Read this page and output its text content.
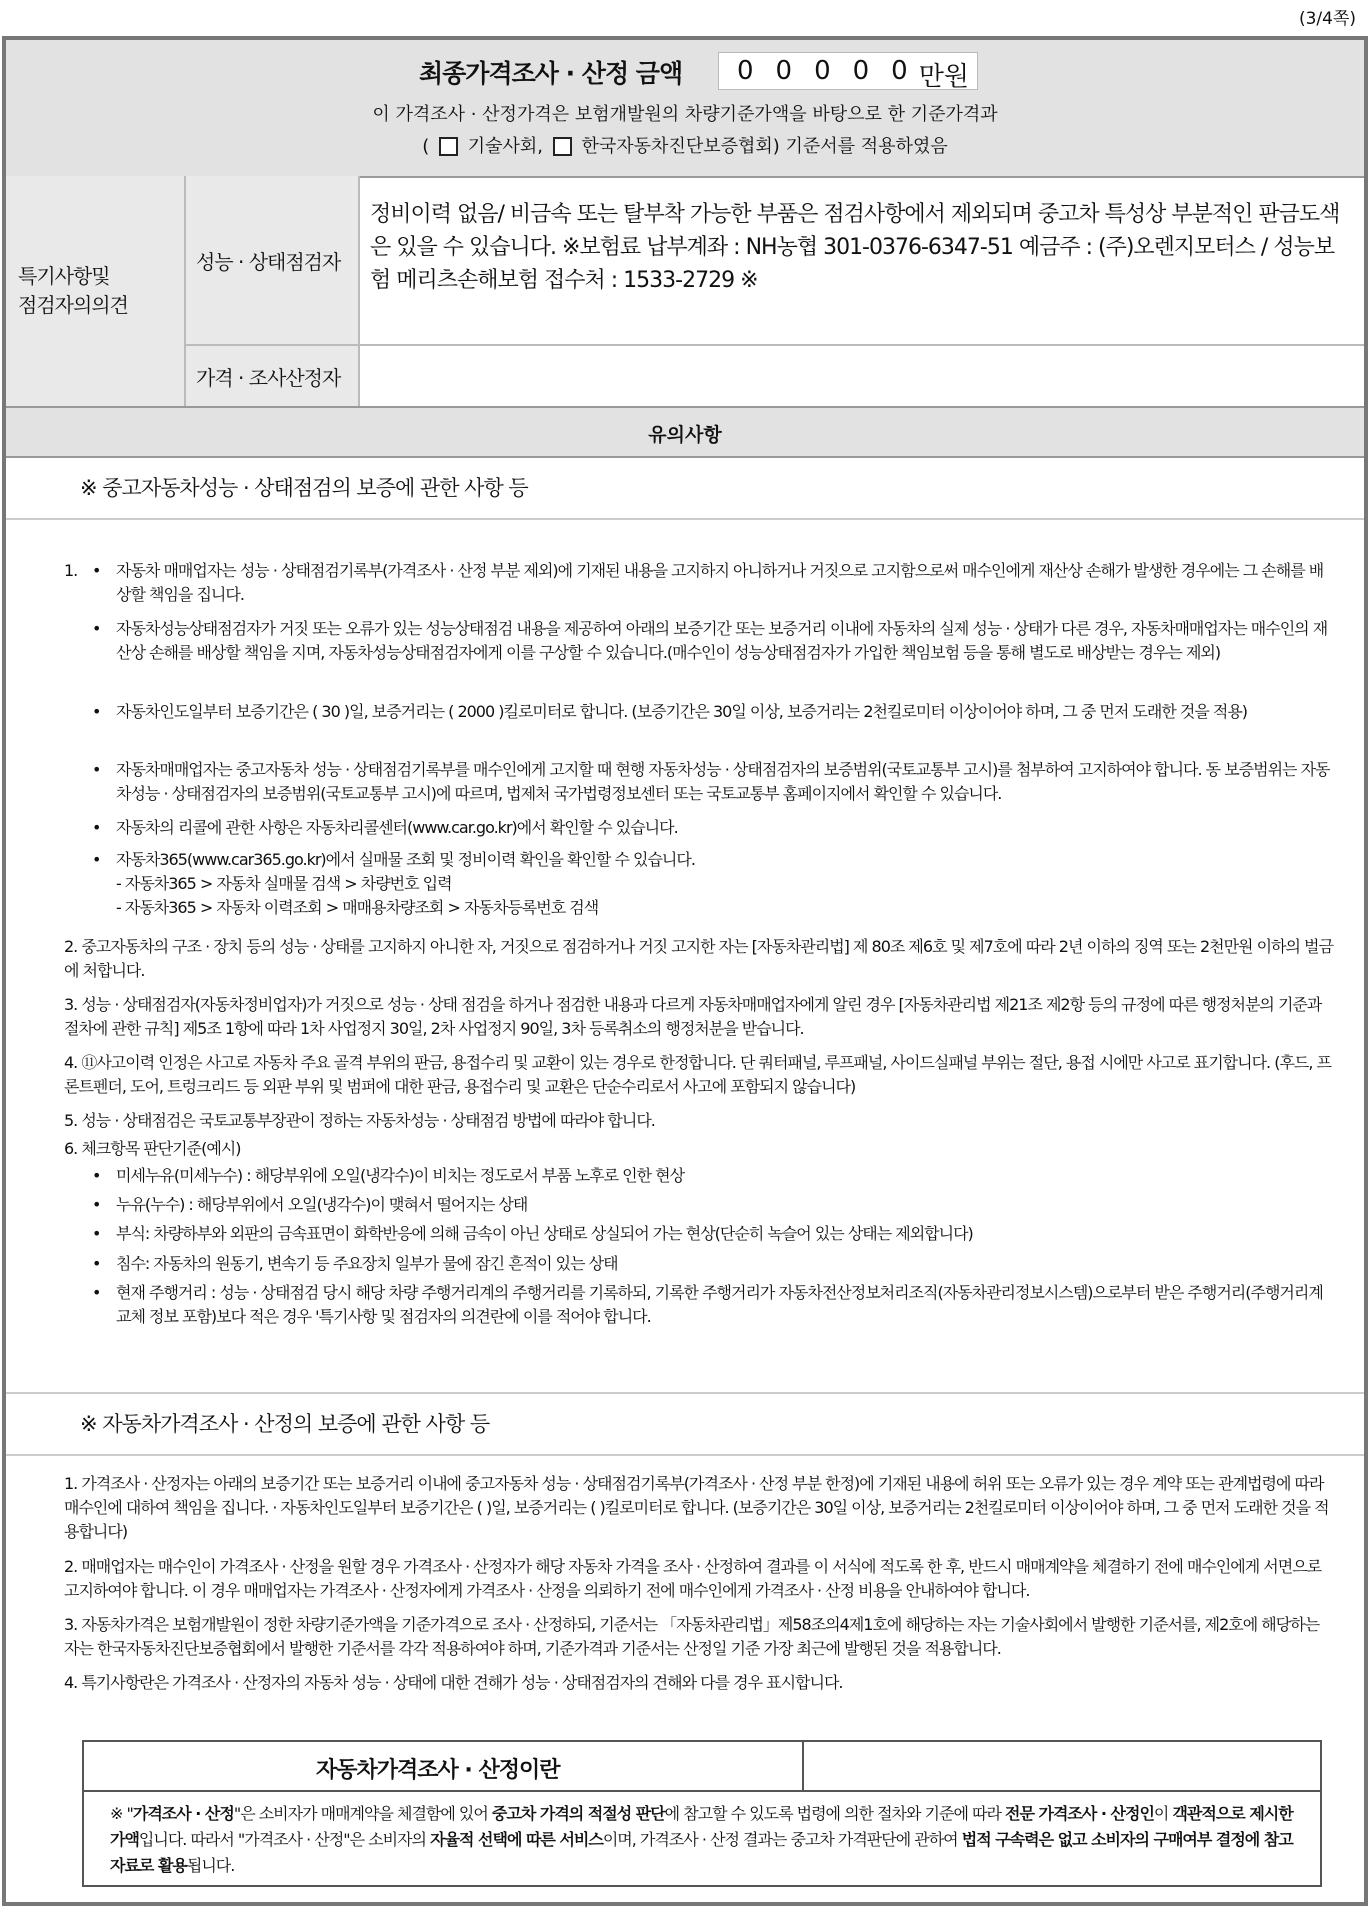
(3/4쪽)
최종가격조사 · 산정 금액 00000
만원
이 가격조사 · 산정가격은 보험개발원의 차량기준가액을 바탕으로 한 기준가격과
( 기술사회, 한국자동차진단보증협회) 기준서를 적용하였음
특기사항및
점검자의의견
성능 · 상태점검자
정비이력 없음/ 비금속 또는 탈부착 가능한 부품은 점검사항에서 제외되며 중고차 특성상 부분적인 판금도색은 있을 수 있습니다. ※보험료 납부계좌 : NH농협 301-0376-6347-51 예금주 : (주)오렌지모터스 / 성능보험 메리츠손해보험 접수처 : 1533-2729 ※
가격 · 조사산정자
유의사항
※ 중고자동차성능 · 상태점검의 보증에 관한 사항 등
1. • 자동차 매매업자는 성능 · 상태점검기록부(가격조사 · 산정 부분 제외)에 기재된 내용을 고지하지 아니하거나 거짓으로 고지함으로써 매수인에게 재산상 손해가 발생한 경우에는 그 손해를 배상할 책임을 집니다.
• 자동차성능상태점검자가 거짓 또는 오류가 있는 성능상태점검 내용을 제공하여 아래의 보증기간 또는 보증거리 이내에 자동차의 실제 성능 · 상태가 다른 경우, 자동차매매업자는 매수인의 재산상 손해를 배상할 책임을 지며, 자동차성능상태점검자에게 이를 구상할 수 있습니다.(매수인이 성능상태점검자가 가입한 책임보험 등을 통해 별도로 배상받는 경우는 제외)
• 자동차인도일부터 보증기간은 ( 30 )일, 보증거리는 ( 2000 )킬로미터로 합니다. (보증기간은 30일 이상, 보증거리는 2천킬로미터 이상이어야 하며, 그 중 먼저 도래한 것을 적용)
• 자동차매매업자는 중고자동차 성능 · 상태점검기록부를 매수인에게 고지할 때 현행 자동차성능 · 상태점검자의 보증범위(국토교통부 고시)를 첨부하여 고지하여야 합니다. 동 보증범위는 자동차성능 · 상태점검자의 보증범위(국토교통부 고시)에 따르며, 법제처 국가법령정보센터 또는 국토교통부 홈페이지에서 확인할 수 있습니다.
• 자동차의 리콜에 관한 사항은 자동차리콜센터(www.car.go.kr)에서 확인할 수 있습니다.
• 자동차365(www.car365.go.kr)에서 실매물 조회 및 정비이력 확인을 확인할 수 있습니다.
- 자동차365 > 자동차 실매물 검색 > 차량번호 입력
- 자동차365 > 자동차 이력조회 > 매매용차량조회 > 자동차등록번호 검색
2. 중고자동차의 구조 · 장치 등의 성능 · 상태를 고지하지 아니한 자, 거짓으로 점검하거나 거짓 고지한 자는 [자동차관리법] 제 80조 제6호 및 제7호에 따라 2년 이하의 징역 또는 2천만원 이하의 벌금에 처합니다.
3. 성능 · 상태점검자(자동차정비업자)가 거짓으로 성능 · 상태 점검을 하거나 점검한 내용과 다르게 자동차매매업자에게 알린 경우 [자동차관리법 제21조 제2항 등의 규정에 따른 행정처분의 기준과 절차에 관한 규칙] 제5조 1항에 따라 1차 사업정지 30일, 2차 사업정지 90일, 3차 등록취소의 행정처분을 받습니다.
4. ⑪사고이력 인정은 사고로 자동차 주요 골격 부위의 판금, 용접수리 및 교환이 있는 경우로 한정합니다. 단 쿼터패널, 루프패널, 사이드실패널 부위는 절단, 용접 시에만 사고로 표기합니다. (후드, 프론트펜더, 도어, 트렁크리드 등 외판 부위 및 범퍼에 대한 판금, 용접수리 및 교환은 단순수리로서 사고에 포함되지 않습니다)
5. 성능 · 상태점검은 국토교통부장관이 정하는 자동차성능 · 상태점검 방법에 따라야 합니다.
6. 체크항목 판단기준(예시)
• 미세누유(미세누수) : 해당부위에 오일(냉각수)이 비치는 정도로서 부품 노후로 인한 현상
• 누유(누수) : 해당부위에서 오일(냉각수)이 맺혀서 떨어지는 상태
• 부식: 차량하부와 외판의 금속표면이 화학반응에 의해 금속이 아닌 상태로 상실되어 가는 현상(단순히 녹슬어 있는 상태는 제외합니다)
• 침수: 자동차의 원동기, 변속기 등 주요장치 일부가 물에 잠긴 흔적이 있는 상태
• 현재 주행거리 : 성능 · 상태점검 당시 해당 차량 주행거리계의 주행거리를 기록하되, 기록한 주행거리가 자동차전산정보처리조직(자동차관리정보시스템)으로부터 받은 주행거리(주행거리계 교체 정보 포함)보다 적은 경우 '특기사항 및 점검자의 의견란에 이를 적어야 합니다.
※ 자동차가격조사 · 산정의 보증에 관한 사항 등
1. 가격조사 · 산정자는 아래의 보증기간 또는 보증거리 이내에 중고자동차 성능 · 상태점검기록부(가격조사 · 산정 부분 한정)에 기재된 내용에 허위 또는 오류가 있는 경우 계약 또는 관계법령에 따라 매수인에 대하여 책임을 집니다. · 자동차인도일부터 보증기간은 ( )일, 보증거리는 ( )킬로미터로 합니다. (보증기간은 30일 이상, 보증거리는 2천킬로미터 이상이어야 하며, 그 중 먼저 도래한 것을 적용합니다)
2. 매매업자는 매수인이 가격조사 · 산정을 원할 경우 가격조사 · 산정자가 해당 자동차 가격을 조사 · 산정하여 결과를 이 서식에 적도록 한 후, 반드시 매매계약을 체결하기 전에 매수인에게 서면으로 고지하여야 합니다. 이 경우 매매업자는 가격조사 · 산정자에게 가격조사 · 산정을 의뢰하기 전에 매수인에게 가격조사 · 산정 비용을 안내하여야 합니다.
3. 자동차가격은 보험개발원이 정한 차량기준가액을 기준가격으로 조사 · 산정하되, 기준서는 「자동차관리법」제58조의4제1호에 해당하는 자는 기술사회에서 발행한 기준서를, 제2호에 해당하는 자는 한국자동차진단보증협회에서 발행한 기준서를 각각 적용하여야 하며, 기준가격과 기준서는 산정일 기준 가장 최근에 발행된 것을 적용합니다.
4. 특기사항란은 가격조사 · 산정자의 자동차 성능 · 상태에 대한 견해가 성능 · 상태점검자의 견해와 다를 경우 표시합니다.
자동차가격조사 · 산정이란

※ "가격조사 · 산정"은 소비자가 매매계약을 체결함에 있어 중고차 가격의 적절성 판단에 참고할 수 있도록 법령에 의한 절차와 기준에 따라 전문 가격조사 · 산정인이 객관적으로 제시한 가액입니다. 따라서 "가격조사 · 산정"은 소비자의 자율적 선택에 따른 서비스이며, 가격조사 · 산정 결과는 중고차 가격판단에 관하여 법적 구속력은 없고 소비자의 구매여부 결정에 참고자료로 활용됩니다.
